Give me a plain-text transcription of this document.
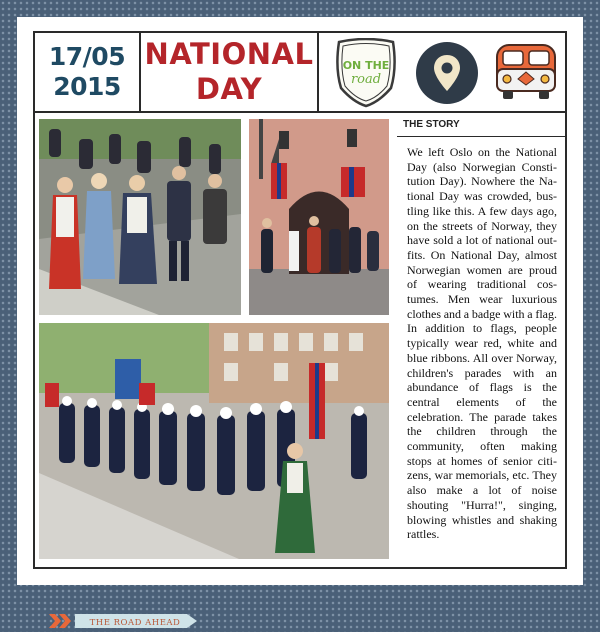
17/05
2015
NATIONAL
DAY
ON THE
road
THE ROAD AHEAD
THE STORY
We left Oslo on the National Day (also Norwegian Constitution Day). Nowhere the National Day was crowded, bustling like this. A few days ago, on the streets of Norway, they have sold a lot of national outfits. On National Day, almost Norwegian women are proud of wearing traditional costumes. Men wear luxurious clothes and a badge with a flag. In addition to flags, people typically wear red, white and blue ribbons. All over Norway, children's parades with an abundance of flags is the central elements of the celebration. The parade takes the children through the community, often making stops at homes of senior citizens, war memorials, etc. They also make a lot of noise shouting "Hurra!", singing, blowing whistles and shaking rattles.
